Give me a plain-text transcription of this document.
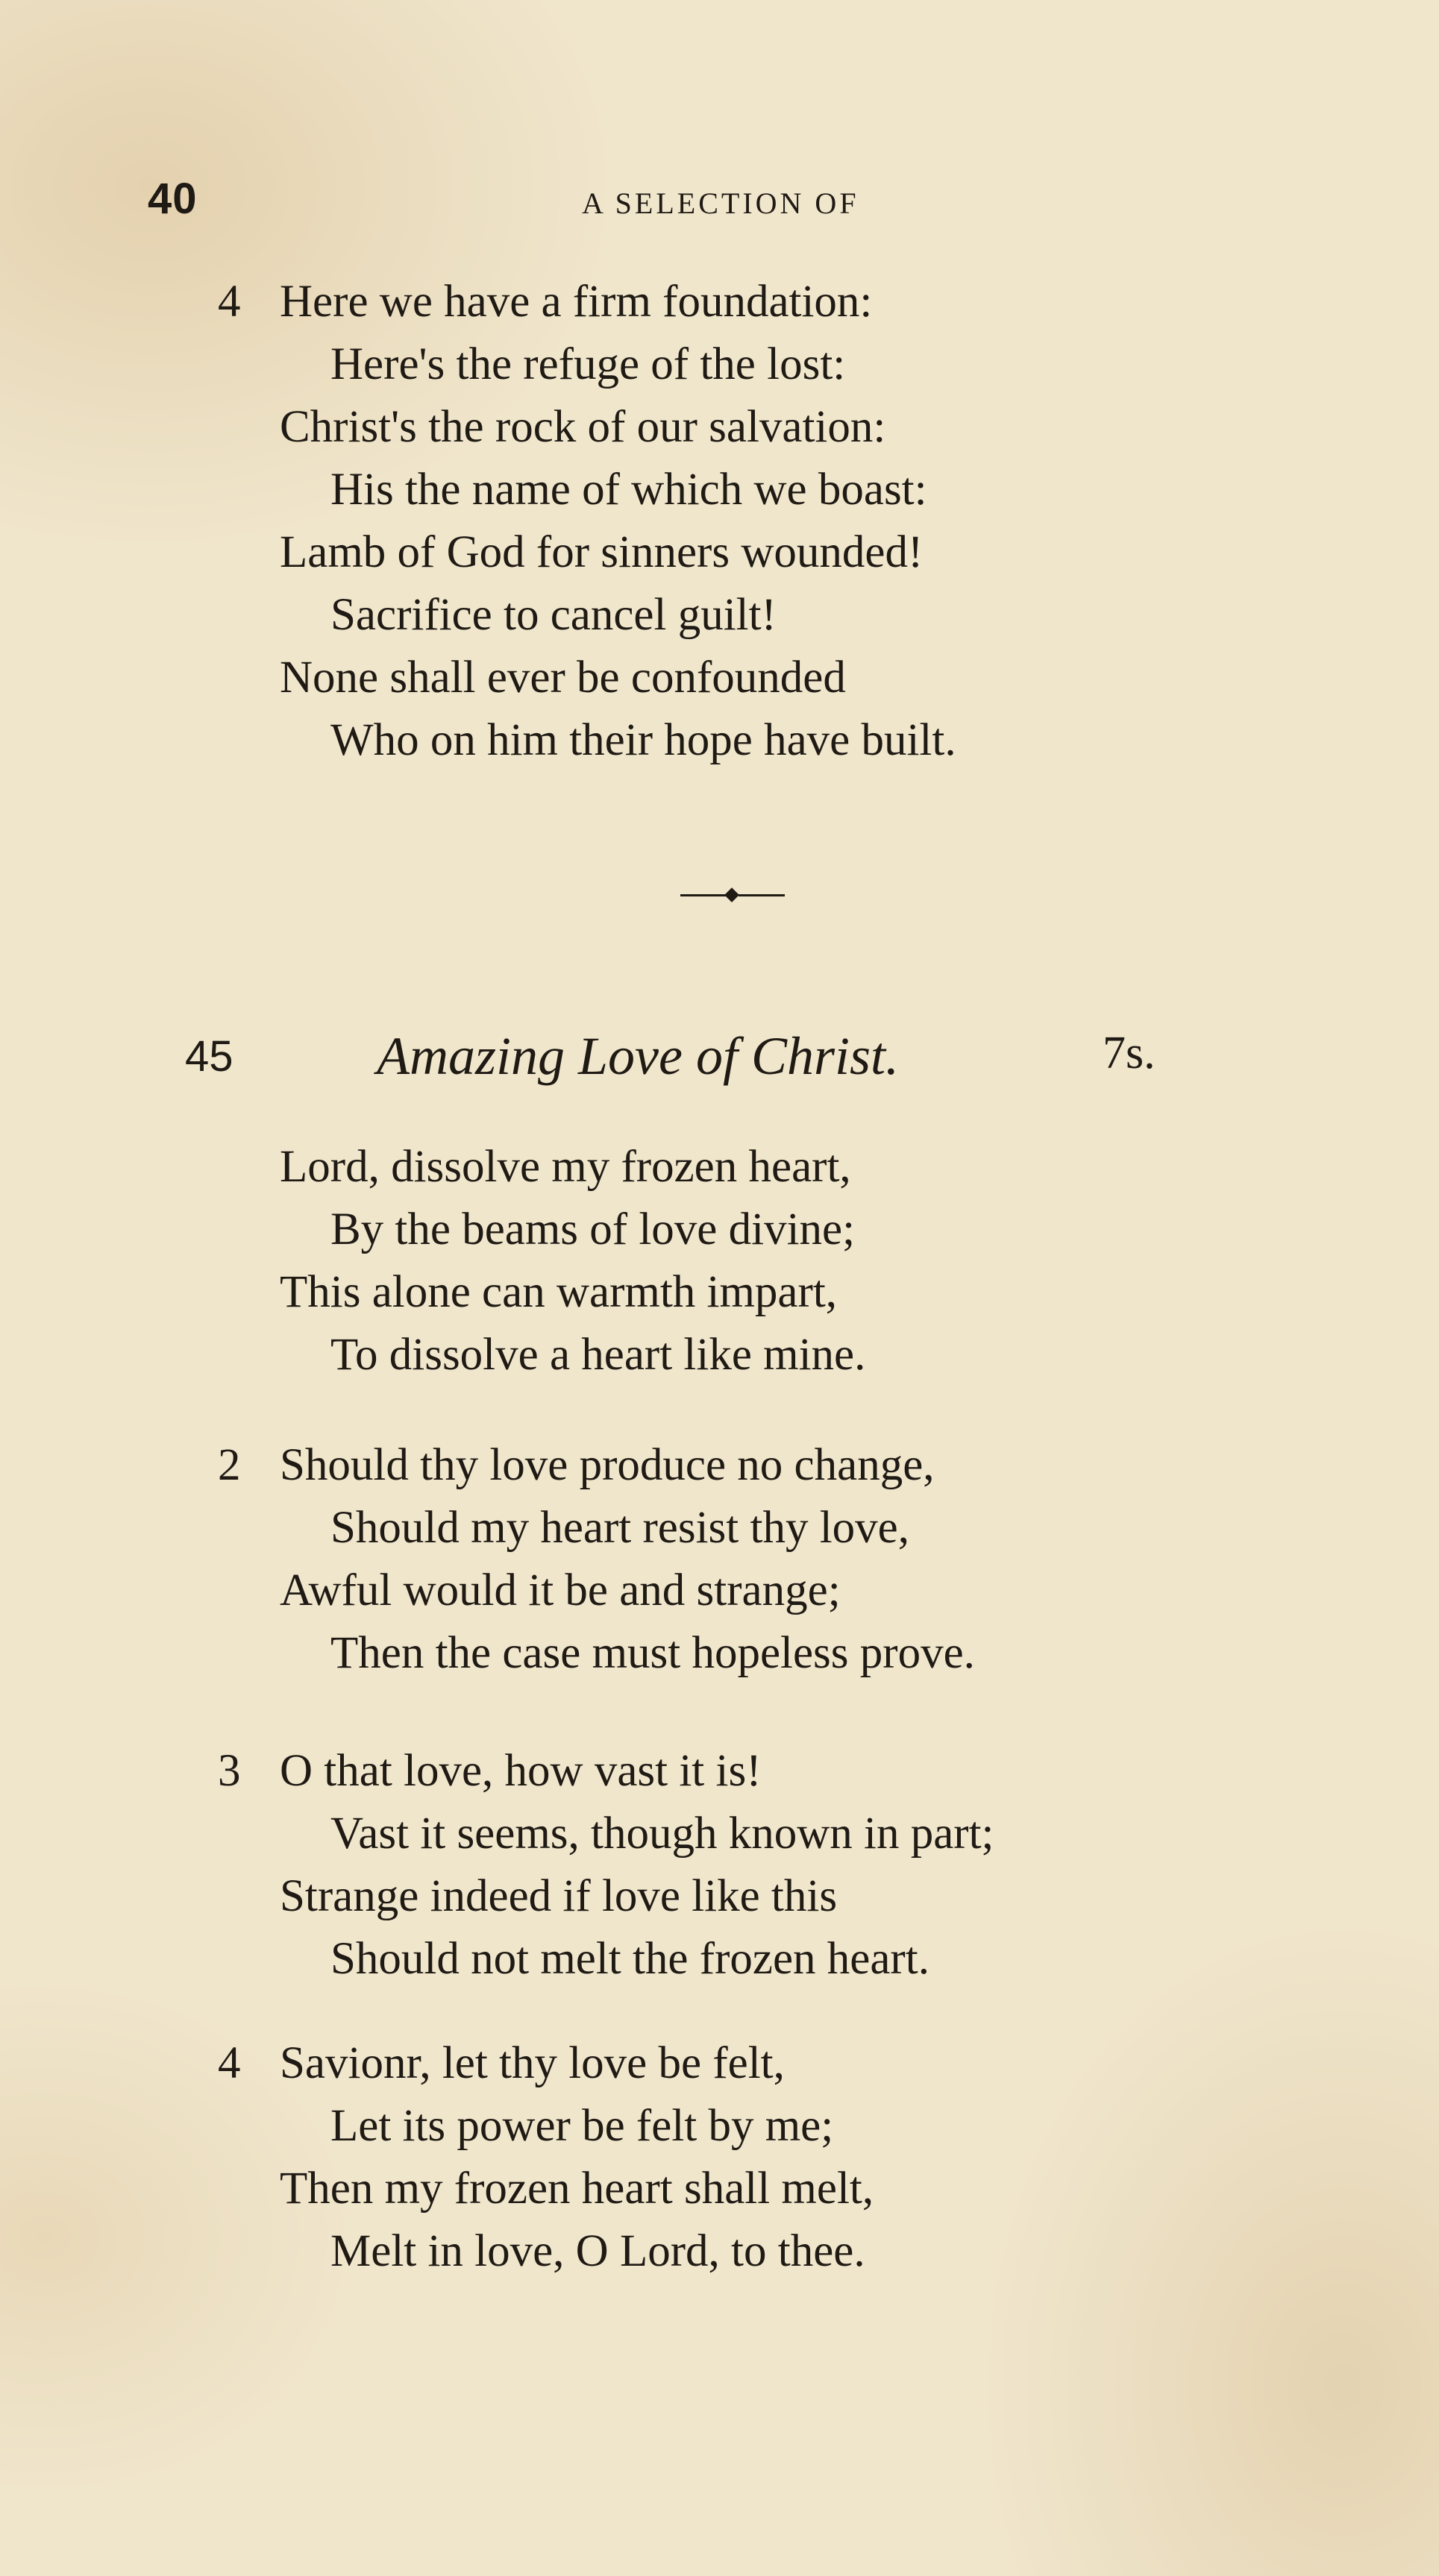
40	A SELECTION OF
4 Here we have a firm foundation:
Here's the refuge of the lost:
Christ's the rock of our salvation:
His the name of which we boast:
Lamb of God for sinners wounded!
Sacrifice to cancel guilt!
None shall ever be confounded
Who on him their hope have built.
45	Amazing Love of Christ.	7s.
Lord, dissolve my frozen heart,
By the beams of love divine;
This alone can warmth impart,
To dissolve a heart like mine.
2 Should thy love produce no change,
Should my heart resist thy love,
Awful would it be and strange;
Then the case must hopeless prove.
3 O that love, how vast it is!
Vast it seems, though known in part;
Strange indeed if love like this
Should not melt the frozen heart.
4 Savionr, let thy love be felt,
Let its power be felt by me;
Then my frozen heart shall melt,
Melt in love, O Lord, to thee.
